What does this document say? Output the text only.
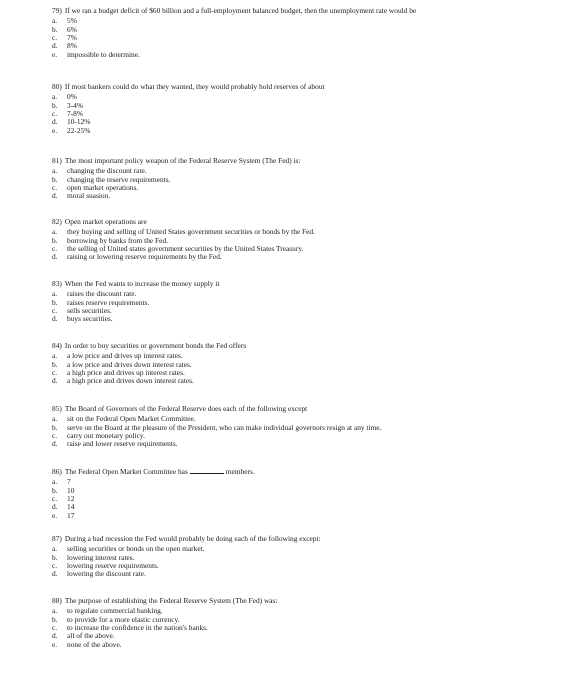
79) If we ran a budget deficit of $60 billion and a full-employment balanced budget, then the unemployment rate would be
a.	5%
b.	6%
c.	7%
d.	8%
e.	impossible to determine.
80) If most bankers could do what they wanted, they would probably hold reserves of about
a.	0%
b.	3-4%
c.	7-8%
d.	10-12%
e.	22-25%
81) The most important policy weapon of the Federal Reserve System (The Fed) is:
a.	changing the discount rate.
b.	changing the reserve requirements.
c.	open market operations.
d.	moral suasion.
82) Open market operations are
a.	they buying and selling of United States government securities or bonds by the Fed.
b.	borrowing by banks from the Fed.
c.	the selling of United states government securities by the United States Treasury.
d.	raising or lowering reserve requirements by the Fed.
83) When the Fed wants to increase the money supply it
a.	raises the discount rate.
b.	raises reserve requirements.
c.	sells securities.
d.	buys securities.
84) In order to buy securities or government bonds the Fed offers
a.	a low price and drives up interest rates.
b.	a low price and drives down interest rates.
c.	a high price and drives up interest rates.
d.	a high price and drives down interest rates.
85) The Board of Governors of the Federal Reserve does each of the following except
a.	sit on the Federal Open Market Committee.
b.	serve on the Board at the pleasure of the President, who can make individual governors resign at any time.
c.	carry out monetary policy.
d.	raise and lower reserve requirements.
86) The Federal Open Market Committee has	members.
a.	7
b.	10
c.	12
d.	14
e.	17
87) During a bad recession the Fed would probably be doing each of the following except:
a.	selling securities or bonds on the open market.
b.	lowering interest rates.
c.	lowering reserve requirements.
d.	lowering the discount rate.
88) The purpose of establishing the Federal Reserve System (The Fed) was:
a.	to regulate commercial banking.
b.	to provide for a more elastic currency.
c.	to increase the confidence in the nation's banks.
d.	all of the above.
e.	none of the above.
